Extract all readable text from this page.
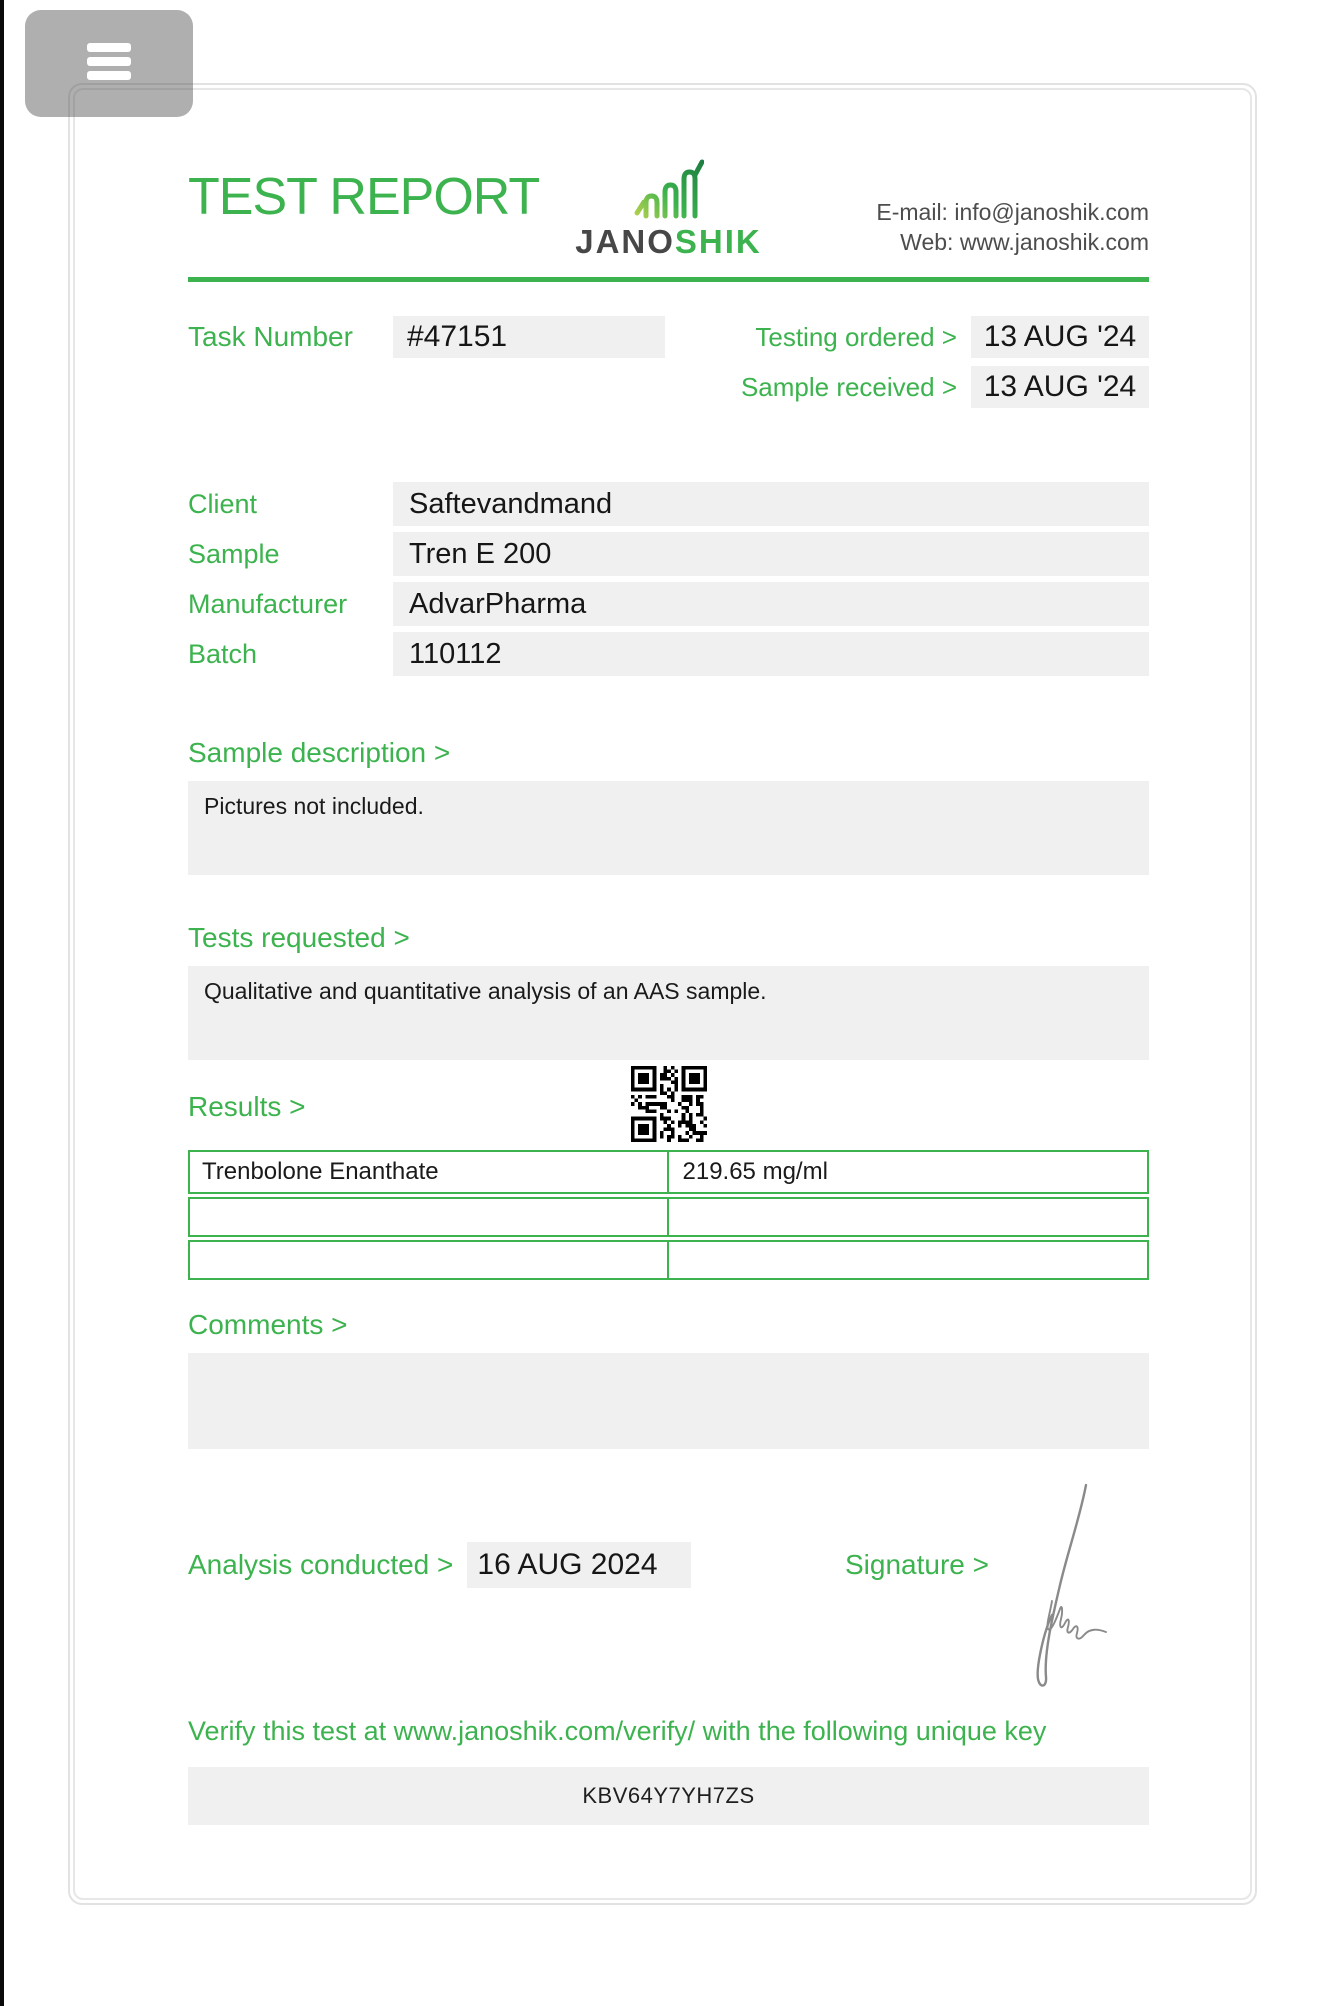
TEST REPORT
JANOSHIK
E-mail: info@janoshik.com
Web: www.janoshik.com
Task Number	#47151	Testing ordered > 13 AUG '24
Sample received > 13 AUG '24
Client	Saftevandmand
Sample	Tren E 200
Manufacturer	AdvarPharma
Batch	110112
Sample description >
Pictures not included.
Tests requested >
Qualitative and quantitative analysis of an AAS sample.
Results >
Trenbolone Enanthate	219.65 mg/ml
Comments >
Analysis conducted > 16 AUG 2024	Signature >
Verify this test at www.janoshik.com/verify/ with the following unique key
KBV64Y7YH7ZS
